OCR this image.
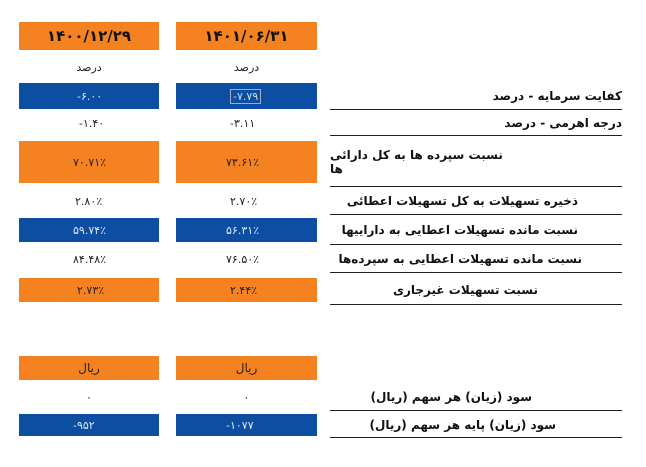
۱۴۰۰/۱۲/۲۹	۱۴۰۱/۰۶/۳۱
درصد	درصد
-۶.۰۰	-۷.۷۹	کفایت سرمایه - درصد
-۱.۴۰	-۳.۱۱	درجه اهرمی - درصد
۷۰.۷۱٪	۷۳.۶۱٪	نسبت سپرده ها به کل دارائی ها
۲.۸۰٪	۲.۷۰٪	ذخیره تسهیلات به کل تسهیلات اعطائی
۵۹.۷۴٪	۵۶.۳۱٪	نسبت مانده تسهیلات اعطایی به داراییها
۸۴.۴۸٪	۷۶.۵۰٪	نسبت مانده تسهیلات اعطایی به سپرده‌ها
۲.۷۳٪	۲.۴۴٪	نسبت تسهیلات غیرجاری
ریال	ریال
۰	۰	سود (زیان) هر سهم (ریال)
-۹۵۲	-۱۰۷۷	سود (زیان) پایه هر سهم (ریال)
